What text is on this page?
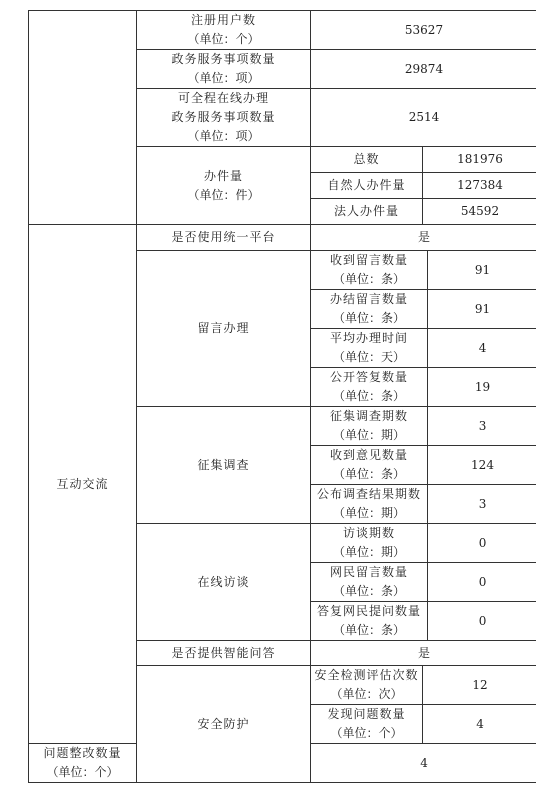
	注册用户数
（单位：个）	53627		
	政务服务事项数量
（单位：项）	29874		
	可全程在线办理
政务服务事项数量
（单位：项）	2514		
	办件量
（单位：件）	总数	181976	
		自然人办件量	127384	
		法人办件量	54592	
互动交流	是否使用统一平台	是		
	留言办理	收到留言数量
（单位：条）		91
		办结留言数量
（单位：条）		91
		平均办理时间
（单位：天）		4
		公开答复数量
（单位：条）		19
	征集调查	征集调查期数
（单位：期）		3
		收到意见数量
（单位：条）		124
		公布调查结果期数
（单位：期）		3
	在线访谈	访谈期数
（单位：期）		0
		网民留言数量
（单位：条）		0
		答复网民提问数量
（单位：条）		0
	是否提供智能问答	是		
	安全防护	安全检测评估次数
（单位：次）	12	
		发现问题数量
（单位：个）	4	
问题整改数量
（单位：个）		4		
